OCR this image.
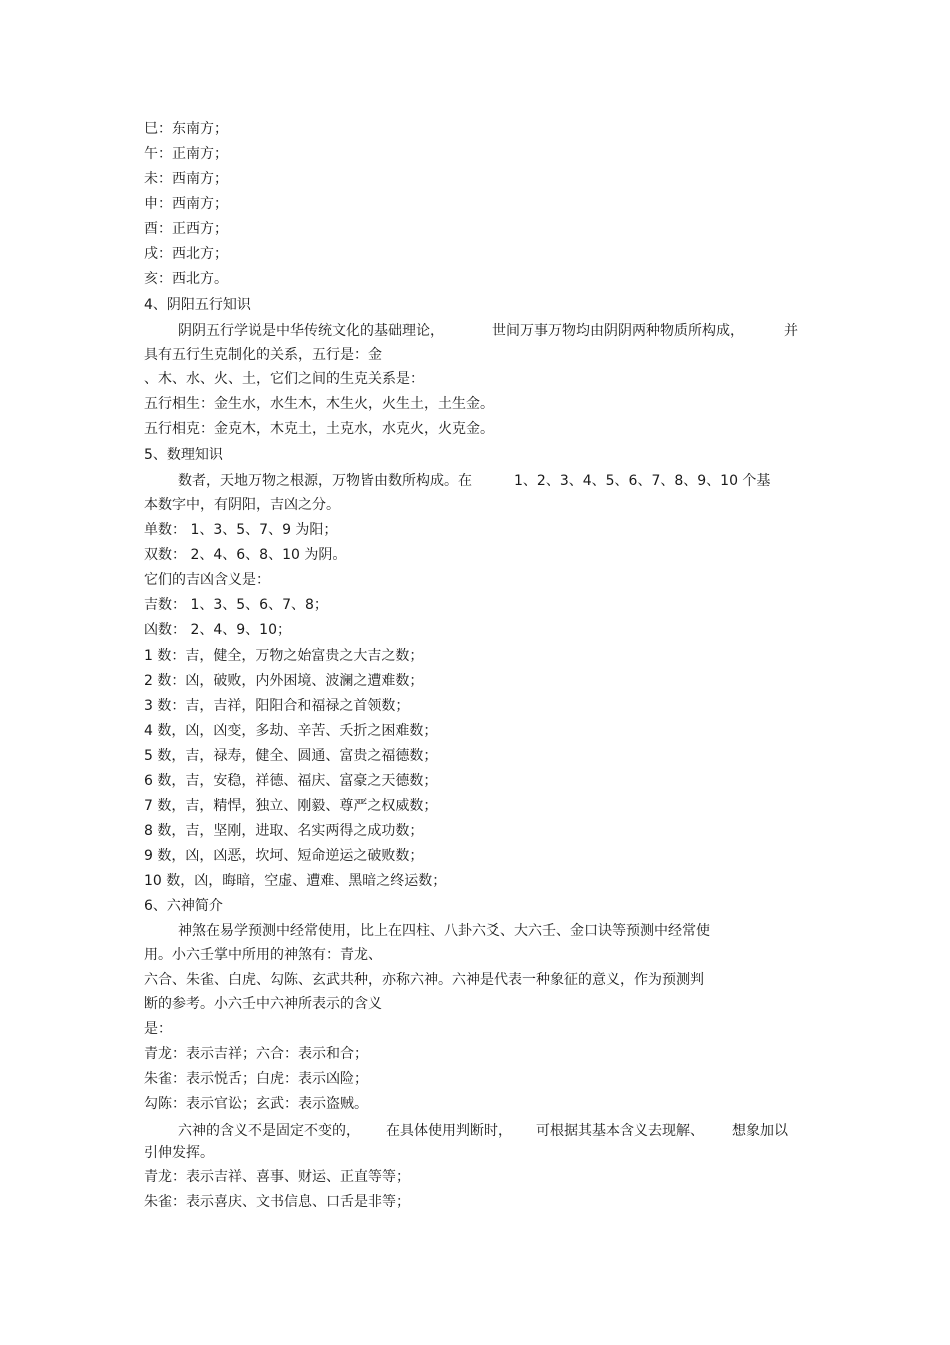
巳：东南方；
午：正南方；
未：西南方；
申：西南方；
酉：正西方；
戌：西北方；
亥：西北方。
4、阴阳五行知识
阴阴五行学说是中华传统文化的基础理论，	世间万事万物均由阴阴两种物质所构成，	并
具有五行生克制化的关系，五行是：金
、木、水、火、土，它们之间的生克关系是：
五行相生：金生水，水生木，木生火，火生土，土生金。
五行相克：金克木，木克土，土克水，水克火，火克金。
5、数理知识
数者，天地万物之根源，万物皆由数所构成。在	1、2、3、4、5、6、7、8、9、10 个基
本数字中，有阴阳，吉凶之分。
单数： 1、3、5、7、9 为阳；
双数： 2、4、6、8、10 为阴。
它们的吉凶含义是：
吉数： 1、3、5、6、7、8；
凶数： 2、4、9、10；
1 数：吉，健全，万物之始富贵之大吉之数；
2 数：凶，破败，内外困境、波澜之遭难数；
3 数：吉，吉祥，阳阳合和福禄之首领数；
4 数，凶，凶变，多劫、辛苦、夭折之困难数；
5 数，吉，禄寿，健全、圆通、富贵之福德数；
6 数，吉，安稳，祥德、福庆、富豪之天德数；
7 数，吉，精悍，独立、刚毅、尊严之权威数；
8 数，吉，坚刚，进取、名实两得之成功数；
9 数，凶，凶恶，坎坷、短命逆运之破败数；
10 数，凶，晦暗，空虚、遭难、黑暗之终运数；
6、六神简介
神煞在易学预测中经常使用，比上在四柱、八卦六爻、大六壬、金口诀等预测中经常使
用。小六壬掌中所用的神煞有：青龙、
六合、朱雀、白虎、勾陈、玄武共种，亦称六神。六神是代表一种象征的意义，作为预测判
断的参考。小六壬中六神所表示的含义
是：
青龙：表示吉祥；六合：表示和合；
朱雀：表示悦舌；白虎：表示凶险；
勾陈：表示官讼；玄武：表示盗贼。
六神的含义不是固定不变的， 在具体使用判断时， 可根据其基本含义去现解、 想象加以
引伸发挥。
青龙：表示吉祥、喜事、财运、正直等等；
朱雀：表示喜庆、文书信息、口舌是非等；
